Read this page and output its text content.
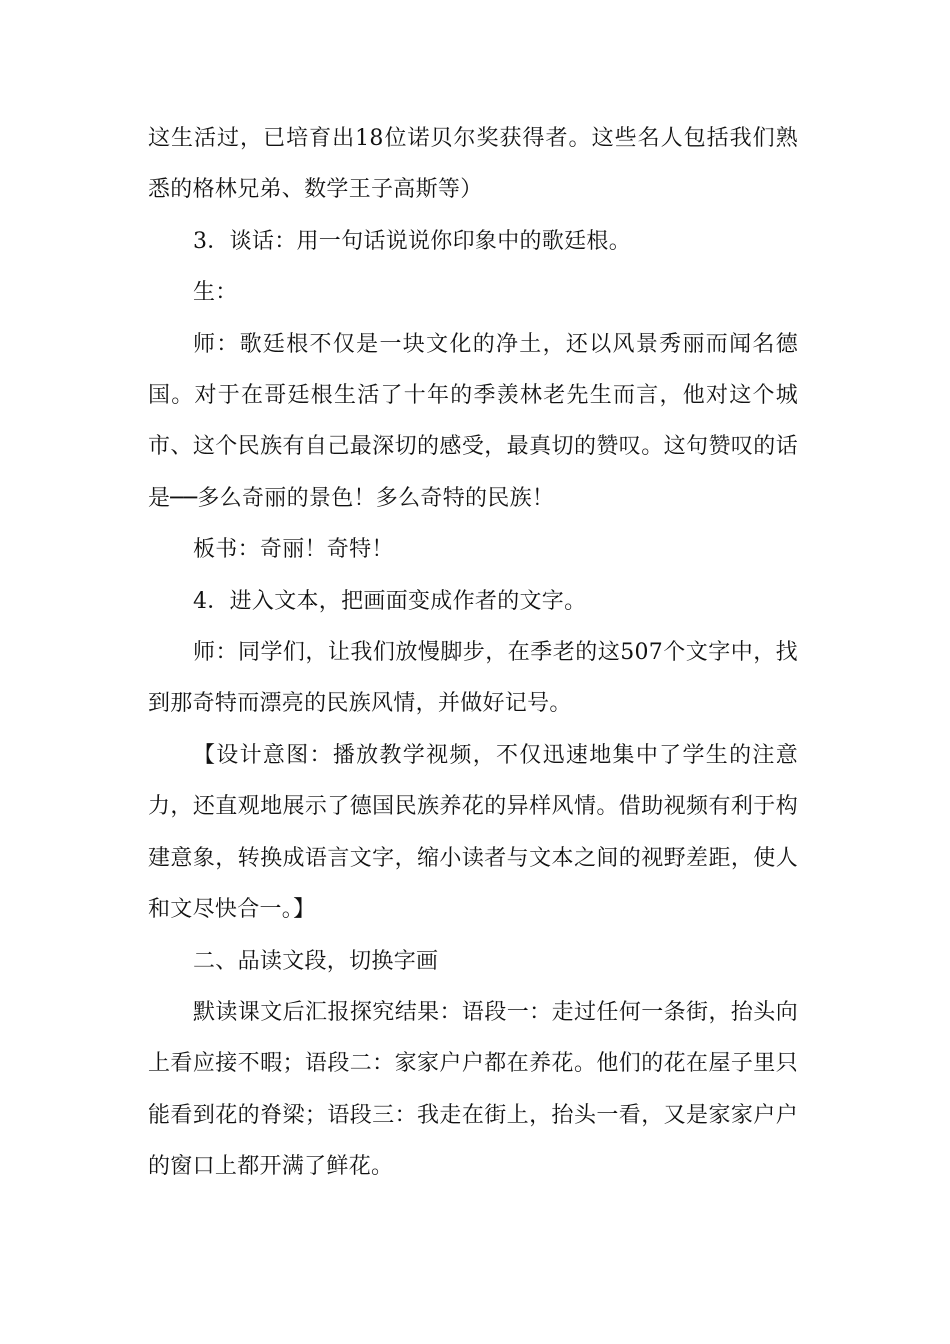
这生活过，已培育出18位诺贝尔奖获得者。这些名人包括我们熟悉的格林兄弟、数学王子高斯等）

3．谈话：用一句话说说你印象中的歌廷根。

生：

师：歌廷根不仅是一块文化的净土，还以风景秀丽而闻名德国。对于在哥廷根生活了十年的季羡林老先生而言，他对这个城市、这个民族有自己最深切的感受，最真切的赞叹。这句赞叹的话是──多么奇丽的景色！多么奇特的民族！

板书：奇丽！奇特！

4．进入文本，把画面变成作者的文字。

师：同学们，让我们放慢脚步，在季老的这507个文字中，找到那奇特而漂亮的民族风情，并做好记号。

【设计意图：播放教学视频，不仅迅速地集中了学生的注意力，还直观地展示了德国民族养花的异样风情。借助视频有利于构建意象，转换成语言文字，缩小读者与文本之间的视野差距，使人和文尽快合一。】

二、品读文段，切换字画

默读课文后汇报探究结果：语段一：走过任何一条街，抬头向上看应接不暇；语段二：家家户户都在养花。他们的花在屋子里只能看到花的脊梁；语段三：我走在街上，抬头一看，又是家家户户的窗口上都开满了鲜花。
